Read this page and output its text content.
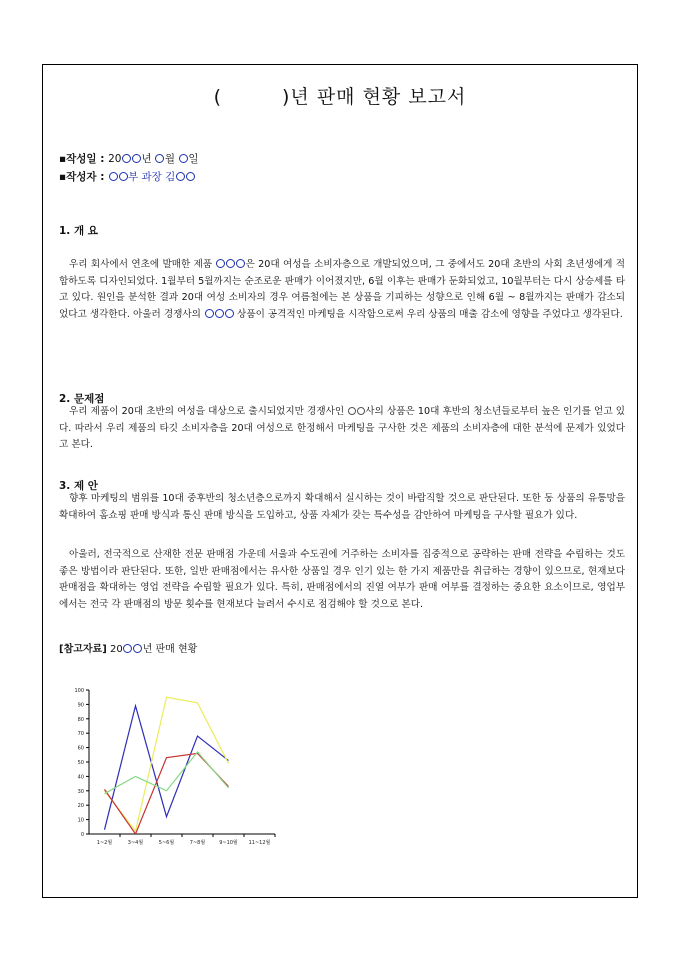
(　　　)년 판매 현황 보고서
▪작성일 : 20 년 월 일
▪작성자 : 부 과장 김
1. 개 요
우리 회사에서 연초에 발매한 제품	은 20대 여성을 소비자층으로 개발되었으며, 그 중에서도 20대 초반의 사회 초년생에게 적합하도록 디자인되었다. 1월부터 5월까지는 순조로운 판매가 이어졌지만, 6월 이후는 판매가 둔화되었고, 10월부터는 다시 상승세를 타고 있다. 원인을 분석한 결과 20대 여성 소비자의 경우 여름철에는 본 상품을 기피하는 성향으로 인해 6월 ~ 8월까지는 판매가 감소되었다고 생각한다. 아울러 경쟁사의	상품이 공격적인 마케팅을 시작함으로써 우리 상품의 매출 감소에 영향을 주었다고 생각된다.
2. 문제점
우리 제품이 20대 초반의 여성을 대상으로 출시되었지만 경쟁사인 사의 상품은 10대 후반의 청소년들로부터 높은 인기를 얻고 있다. 따라서 우리 제품의 타깃 소비자층을 20대 여성으로 한정해서 마케팅을 구사한 것은 제품의 소비자층에 대한 분석에 문제가 있었다고 본다.
3. 제 안
향후 마케팅의 범위를 10대 중후반의 청소년층으로까지 확대해서 실시하는 것이 바람직할 것으로 판단된다. 또한 동 상품의 유통망을 확대하여 홈쇼핑 판매 방식과 통신 판매 방식을 도입하고, 상품 자체가 갖는 특수성을 감안하여 마케팅을 구사할 필요가 있다.
아울러, 전국적으로 산재한 전문 판매점 가운데 서울과 수도권에 거주하는 소비자를 집중적으로 공략하는 판매 전략을 수립하는 것도 좋은 방법이라 판단된다. 또한, 일반 판매점에서는 유사한 상품일 경우 인기 있는 한 가지 제품만을 취급하는 경향이 있으므로, 현재보다 판매점을 확대하는 영업 전략을 수립할 필요가 있다. 특히, 판매점에서의 진열 여부가 판매 여부를 결정하는 중요한 요소이므로, 영업부에서는 전국 각 판매점의 방문 횟수를 현재보다 늘려서 수시로 점검해야 할 것으로 본다.
[참고자료] 20 년 판매 현황
0
10
20
30
40
50
60
70
80
90
100
1~2월	3~4월	5~6월	7~8월	9~10월 11~12월
